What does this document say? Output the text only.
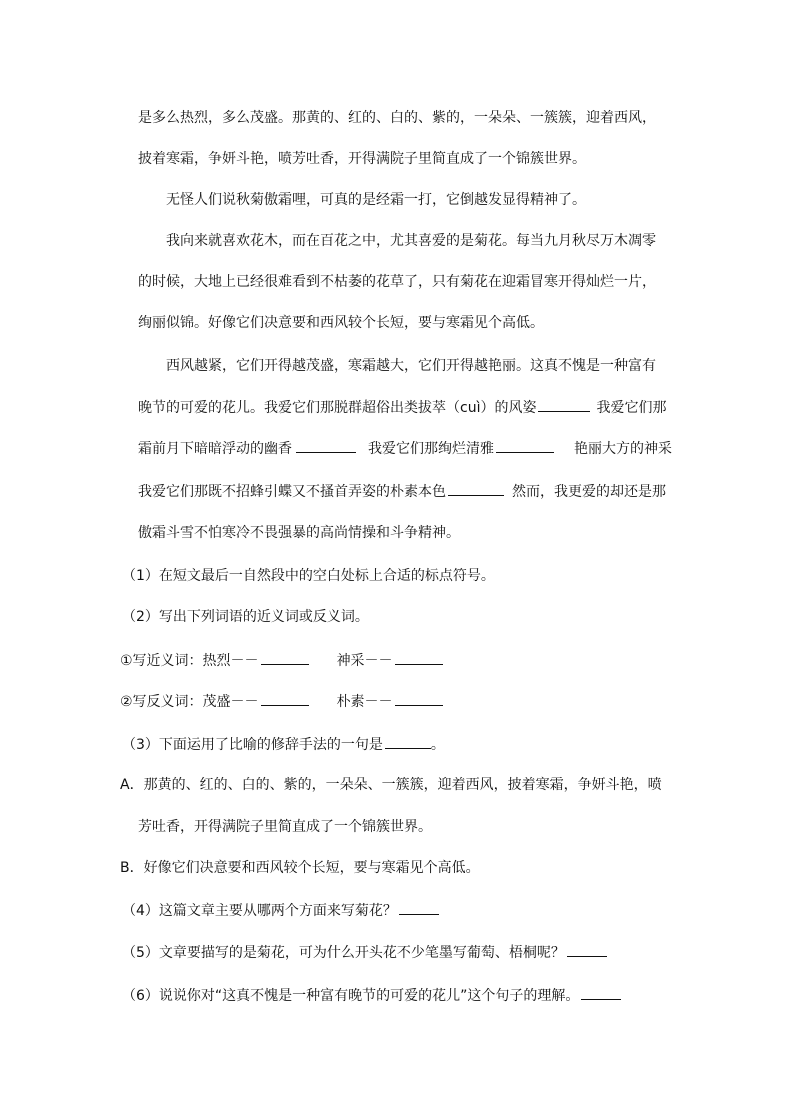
是多么热烈，多么茂盛。那黄的、红的、白的、紫的，一朵朵、一簇簇，迎着西风，
披着寒霜，争妍斗艳，喷芳吐香，开得满院子里简直成了一个锦簇世界。
无怪人们说秋菊傲霜哩，可真的是经霜一打，它倒越发显得精神了。
我向来就喜欢花木，而在百花之中，尤其喜爱的是菊花。每当九月秋尽万木凋零
的时候，大地上已经很难看到不枯萎的花草了，只有菊花在迎霜冒寒开得灿烂一片，
绚丽似锦。好像它们决意要和西风较个长短，要与寒霜见个高低。
西风越紧，它们开得越茂盛，寒霜越大，它们开得越艳丽。这真不愧是一种富有
晚节的可爱的花儿。我爱它们那脱群超俗出类拔萃（cuì）的风姿	我爱它们那
霜前月下暗暗浮动的幽香	我爱它们那绚烂清雅	艳丽大方的神采
我爱它们那既不招蜂引蝶又不搔首弄姿的朴素本色	然而，我更爱的却还是那
傲霜斗雪不怕寒冷不畏强暴的高尚情操和斗争精神。
（1）在短文最后一自然段中的空白处标上合适的标点符号。
（2）写出下列词语的近义词或反义词。
①写近义词：热烈－－	神采－－
②写反义词：茂盛－－	朴素－－
（3）下面运用了比喻的修辞手法的一句是	。
A．那黄的、红的、白的、紫的，一朵朵、一簇簇，迎着西风，披着寒霜，争妍斗艳，喷
芳吐香，开得满院子里简直成了一个锦簇世界。
B．好像它们决意要和西风较个长短，要与寒霜见个高低。
（4）这篇文章主要从哪两个方面来写菊花？
（5）文章要描写的是菊花，可为什么开头花不少笔墨写葡萄、梧桐呢？
（6）说说你对“这真不愧是一种富有晚节的可爱的花儿”这个句子的理解。
